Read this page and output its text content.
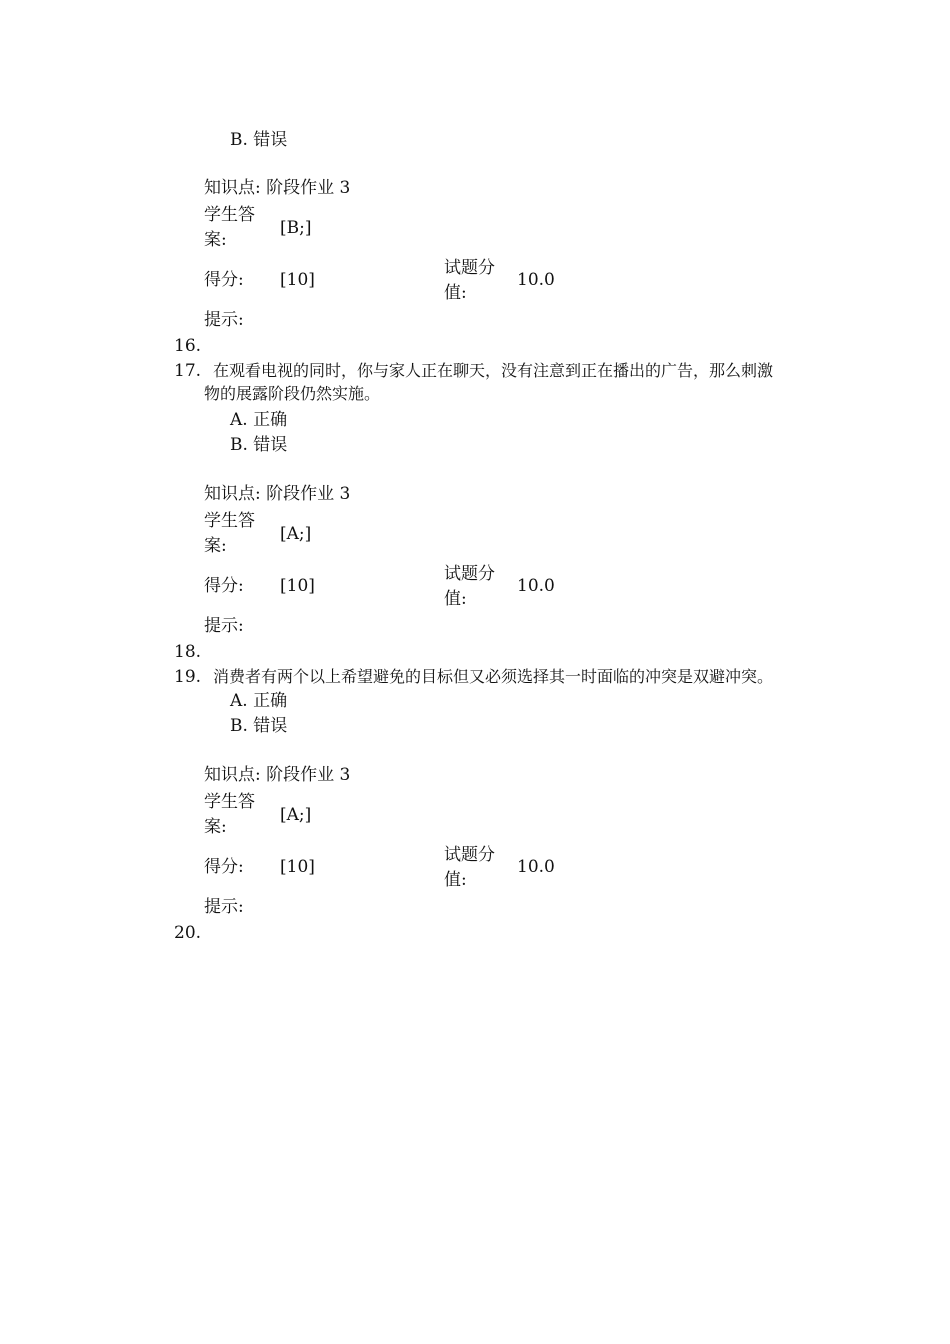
B. 错误
知识点: 阶段作业 3
学生答
案:
[B;]
得分: [10]
试题分
值:
10.0
提示:
16.
17. 在观看电视的同时，你与家人正在聊天，没有注意到正在播出的广告，那么刺激
物的展露阶段仍然实施。
A. 正确
B. 错误
知识点: 阶段作业 3
学生答
案:
[A;]
得分: [10]
试题分
值:
10.0
提示:
18.
19. 消费者有两个以上希望避免的目标但又必须选择其一时面临的冲突是双避冲突。
A. 正确
B. 错误
知识点: 阶段作业 3
学生答
案:
[A;]
得分: [10]
试题分
值:
10.0
提示:
20.
